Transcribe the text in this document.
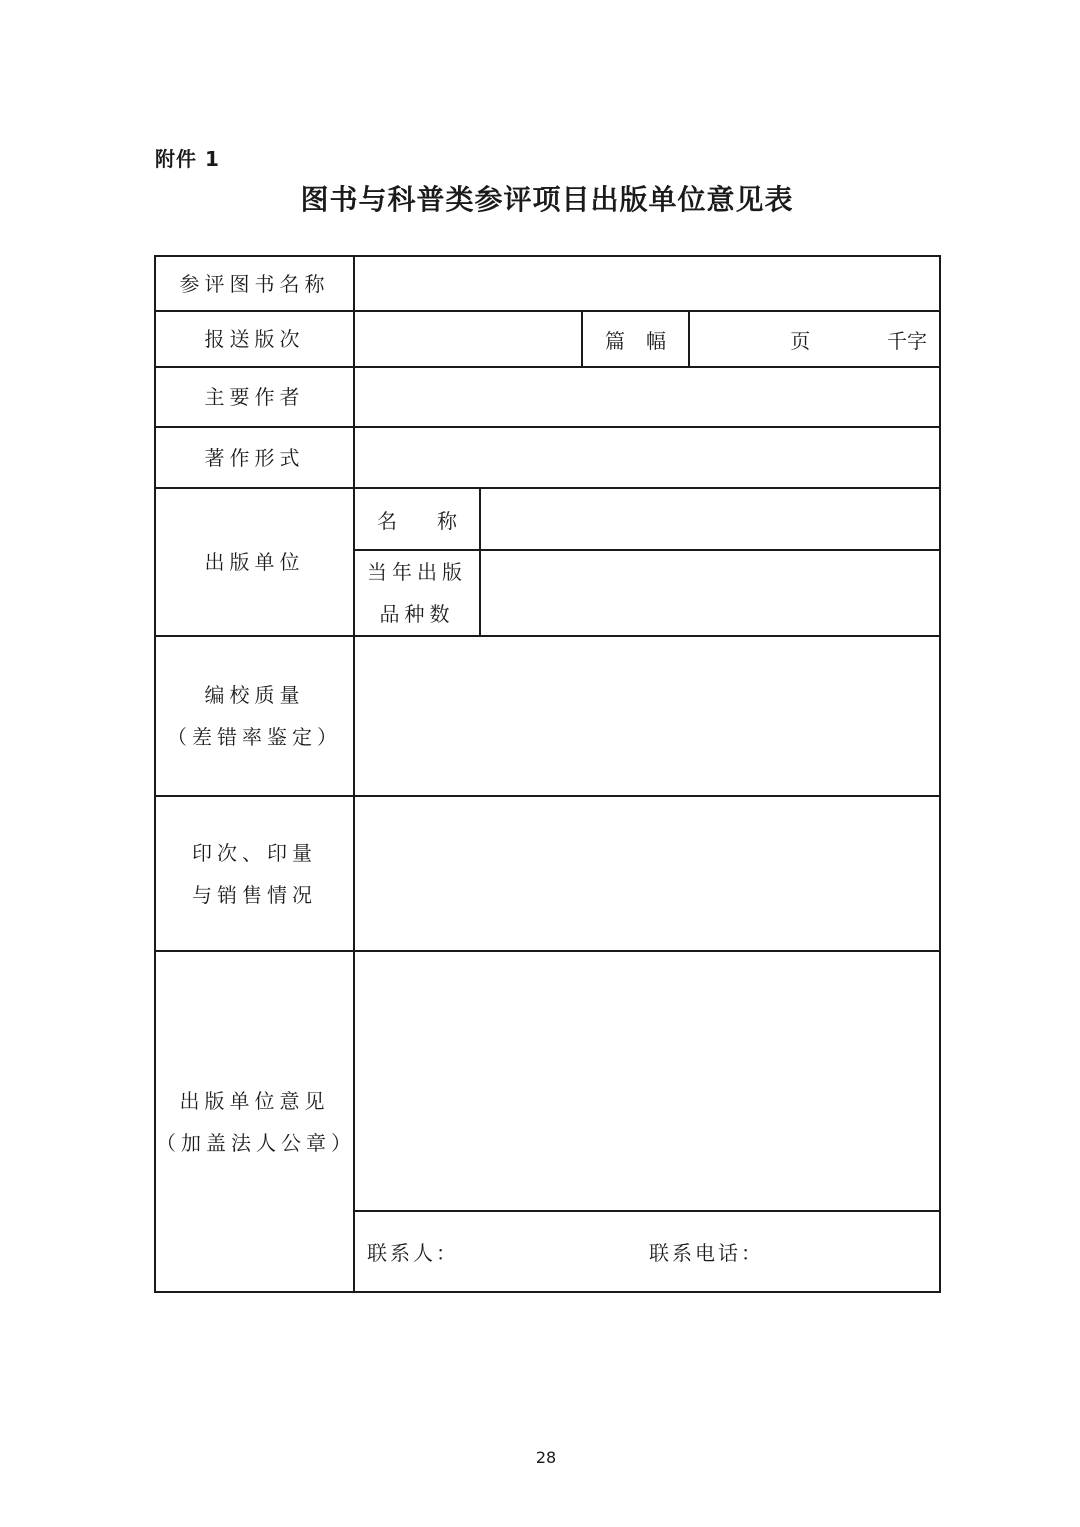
附件 1
图书与科普类参评项目出版单位意见表
参评图书名称				
报送版次			篇 幅	页 千字

主要作者				
著作形式				
出版单位	名 称			

	当年出版
品种数			

编校质量
（差错率鉴定）				

印次、印量
与销售情况				

出版单位意见
（加盖法人公章）				

	联系人： 联系电话：			
28
